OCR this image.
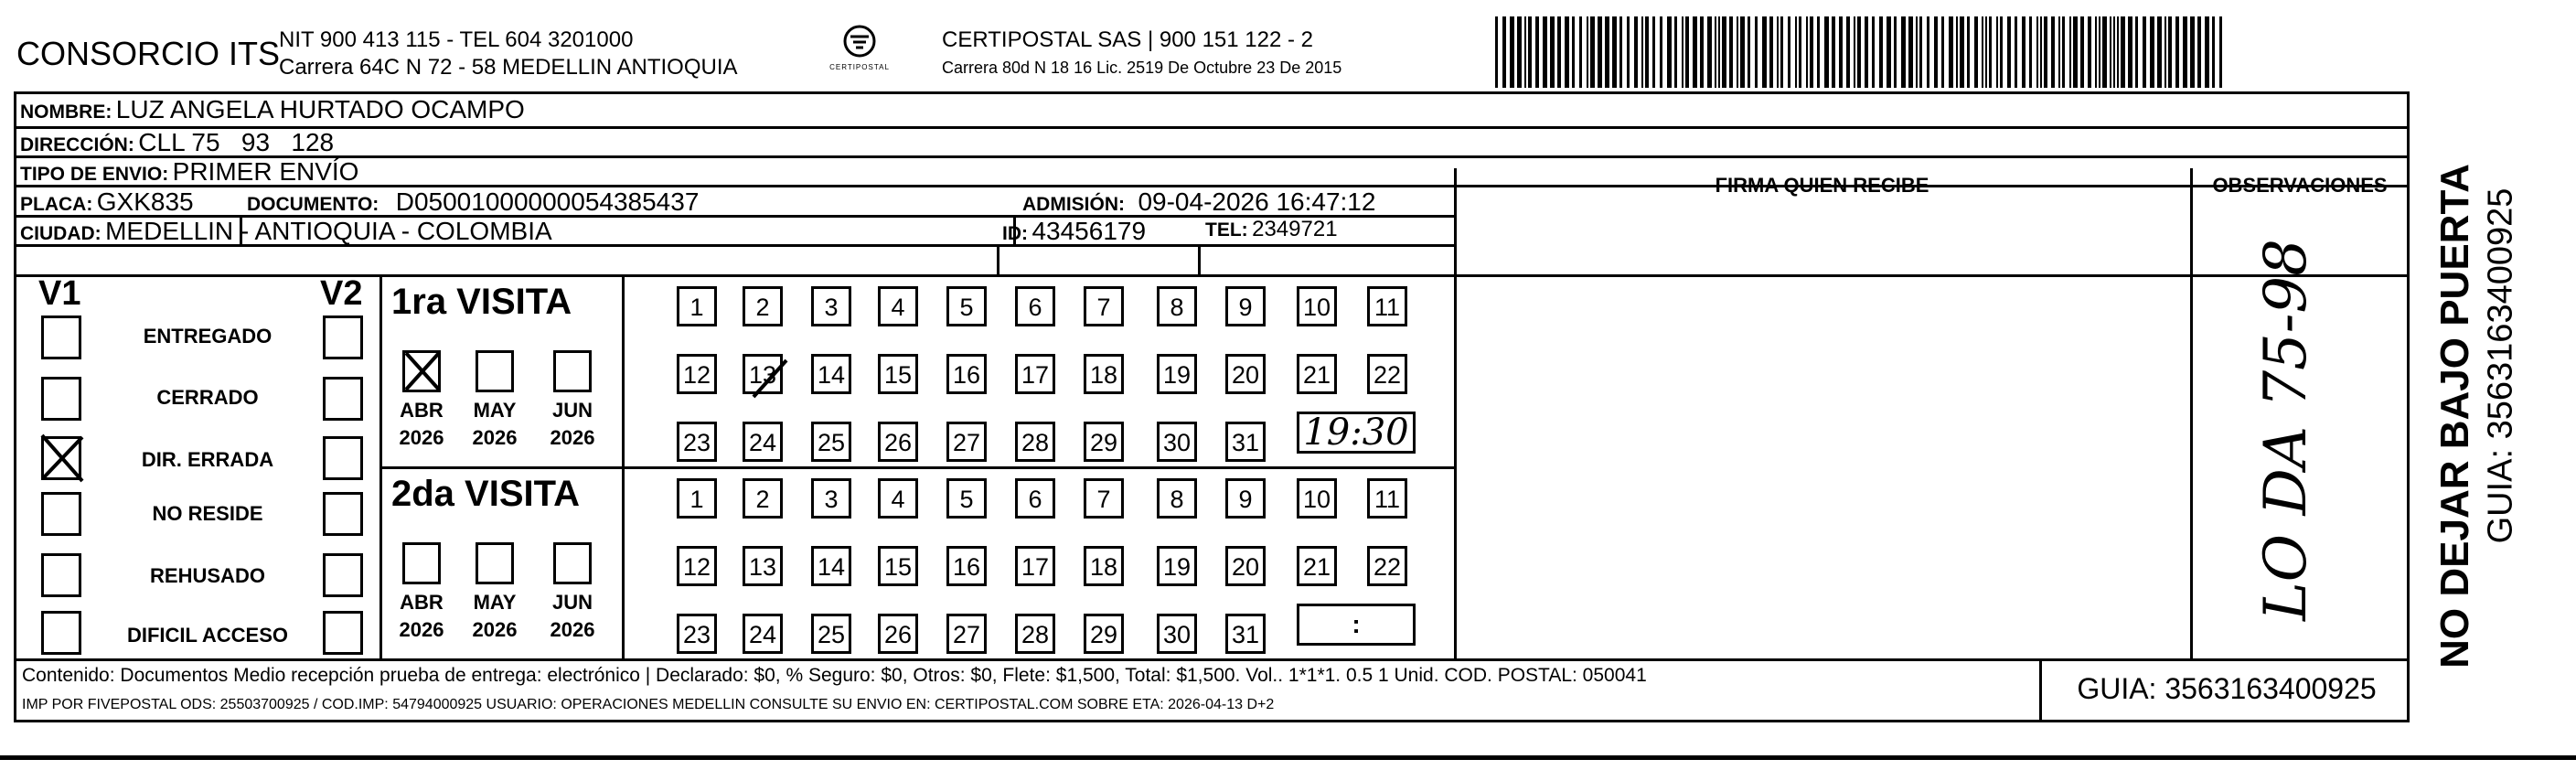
CONSORCIO ITS
NIT 900 413 115 - TEL 604 3201000
Carrera 64C N 72 - 58 MEDELLIN ANTIOQUIA	CERTIPOSTAL
CERTIPOSTAL SAS | 900 151 122 - 2
Carrera 80d N 18 16 Lic. 2519 De Octubre 23 De 2015
NOMBRE: LUZ ANGELA HURTADO OCAMPO
DIRECCIÓN: CLL 75   93   128
TIPO DE ENVIO: PRIMER ENVÍO
PLACA: GXK835	DOCUMENTO: D05001000000054385437	ADMISIÓN: 09-04-2026 16:47:12
CIUDAD: MEDELLIN - ANTIOQUIA - COLOMBIA	ID: 43456179	TEL: 2349721
FIRMA QUIEN RECIBE	OBSERVACIONES
LO DA 75-98
V1	V2
ENTREGADO
CERRADO
DIR. ERRADA
NO RESIDE
REHUSADO
DIFICIL ACCESO
1ra VISITA
ABR MAY	JUN
2026 2026 2026
1	2	3	4	5	6	7	8	9	10 11
12 13 14 15 16 17 18 19 20 21 22
23 24 25 26 27 28 29 30 31 19:30
2da VISITA
ABR MAY	JUN
2026 2026 2026
1	2	3	4	5	6	7	8	9	10 11
12 13 14 15 16 17 18 19 20 21 22
23 24 25 26 27 28 29 30 31	:
Contenido: Documentos Medio recepción prueba de entrega: electrónico | Declarado: $0, % Seguro: $0, Otros: $0, Flete: $1,500, Total: $1,500. Vol.. 1*1*1. 0.5 1 Unid. COD. POSTAL: 050041
IMP POR FIVEPOSTAL ODS: 25503700925 / COD.IMP: 54794000925 USUARIO: OPERACIONES MEDELLIN CONSULTE SU ENVIO EN: CERTIPOSTAL.COM SOBRE ETA: 2026-04-13 D+2	GUIA: 3563163400925
NO DEJAR BAJO PUERTA GUIA: 3563163400925
